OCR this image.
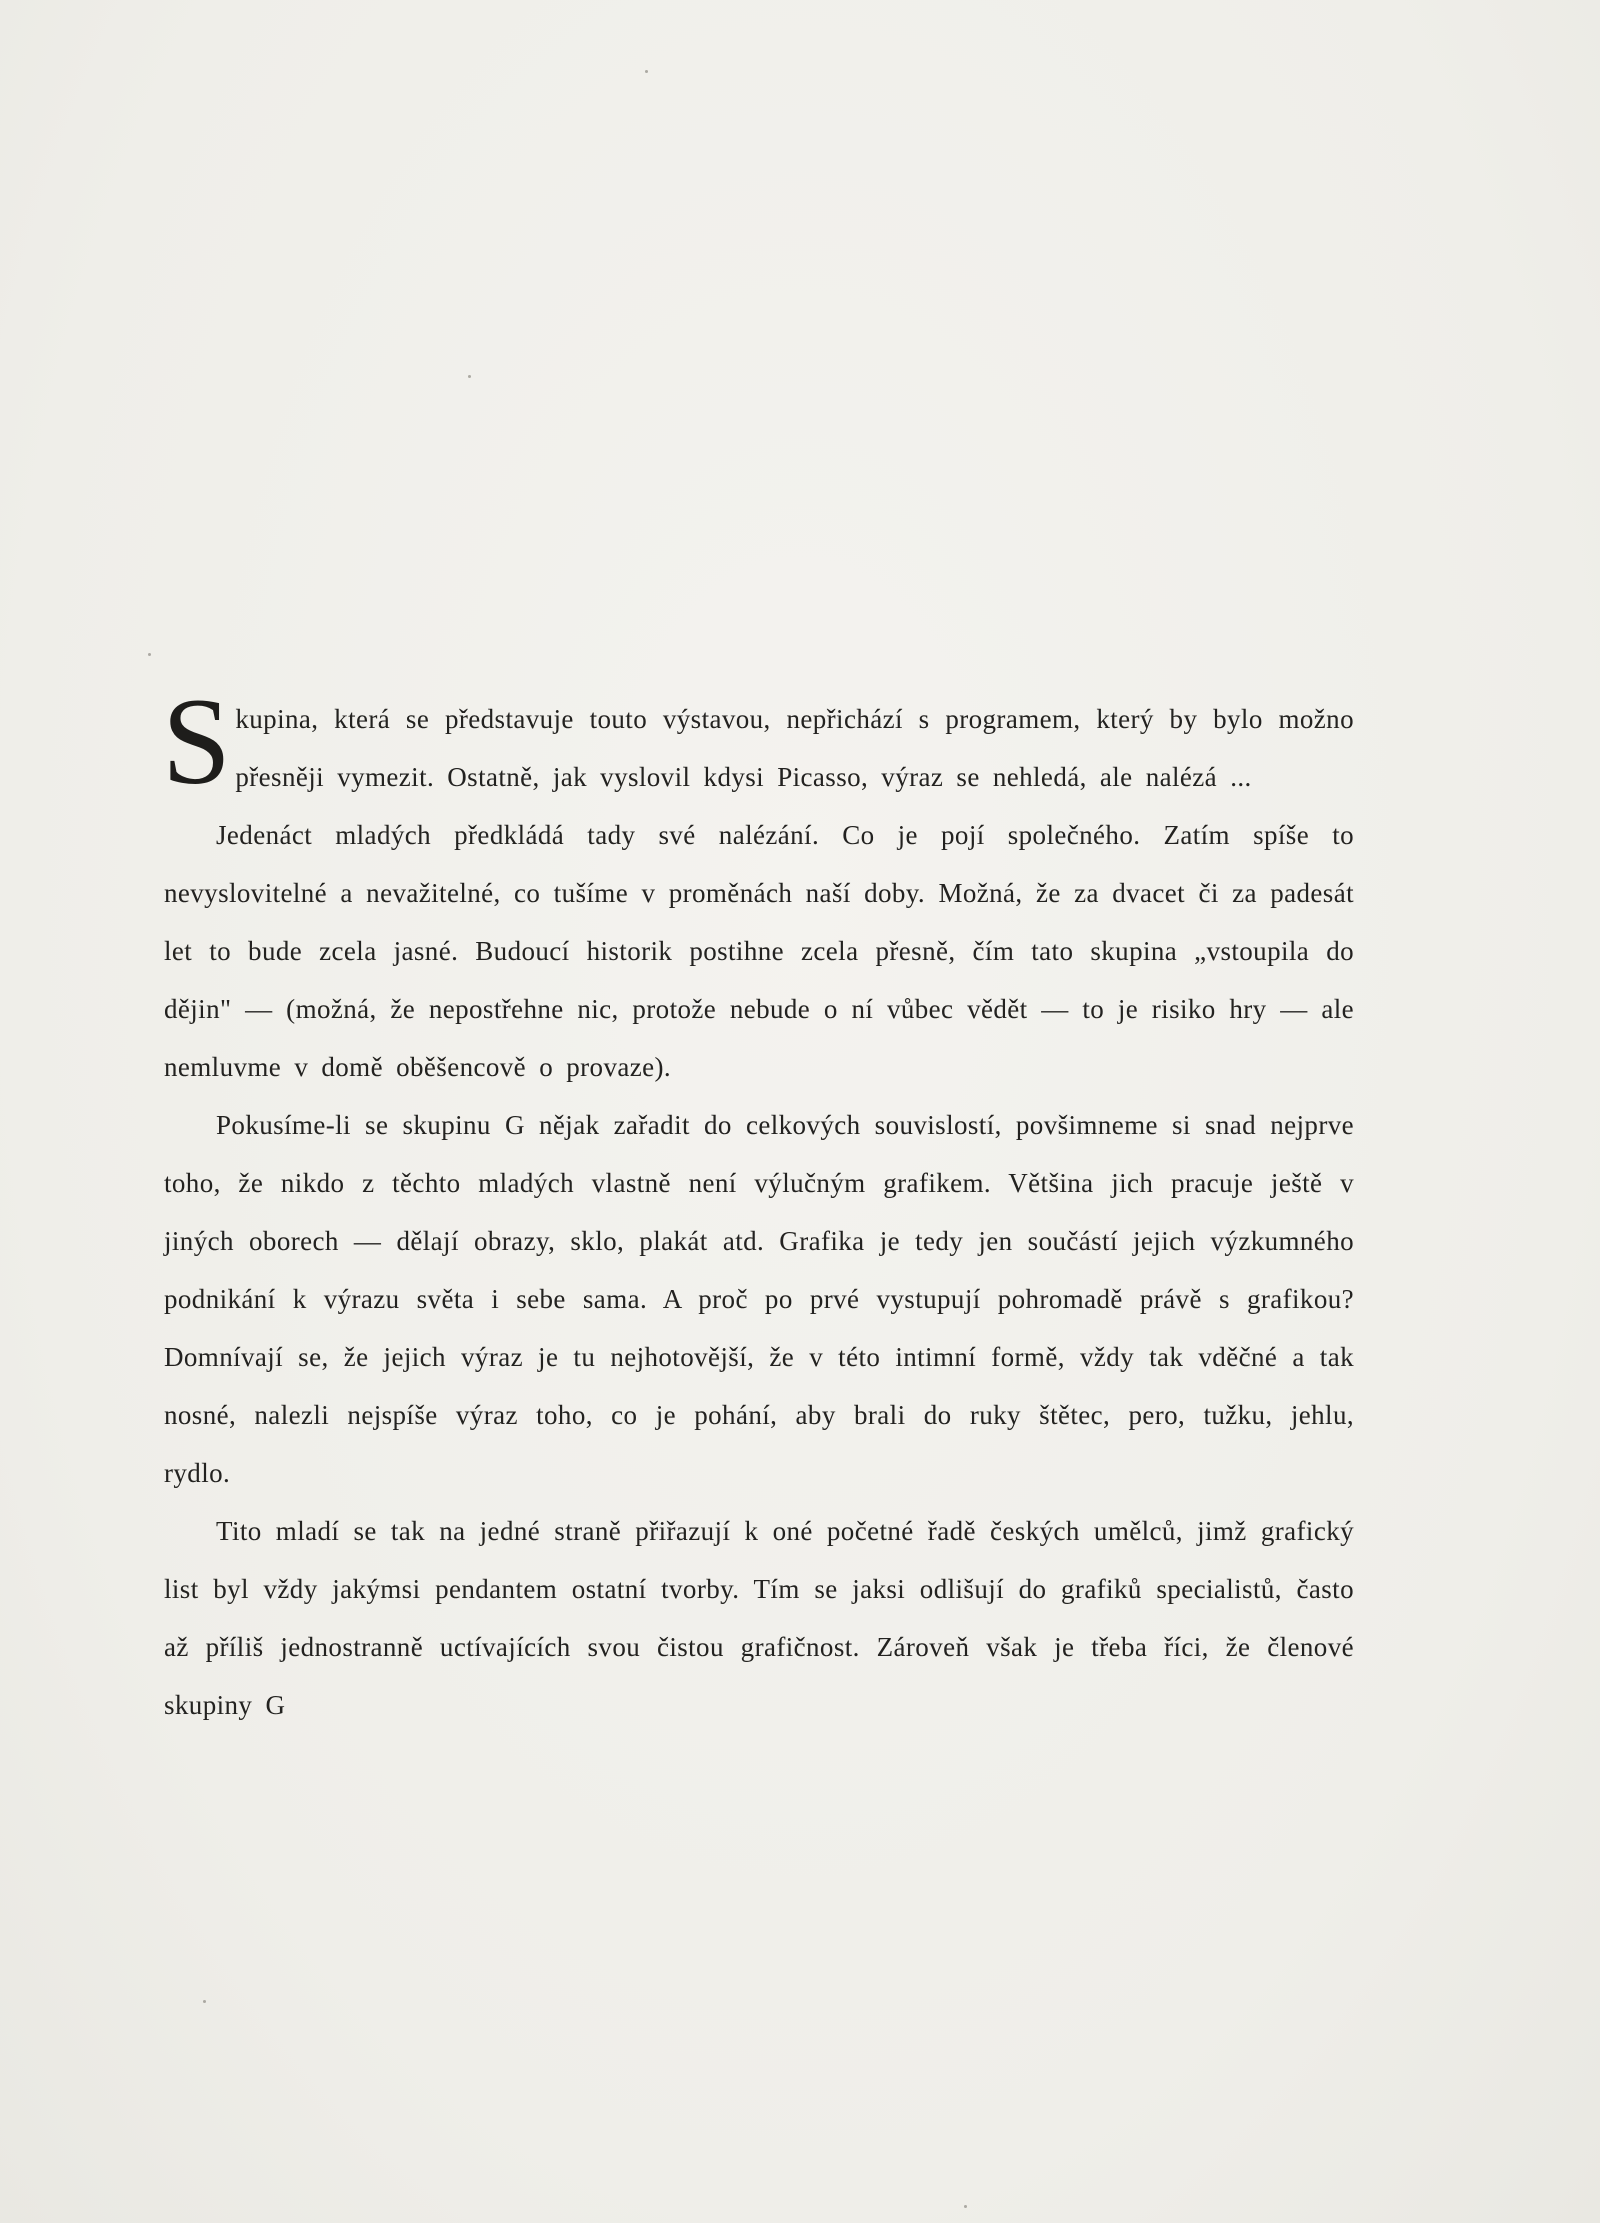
S kupina, která se představuje touto výstavou, nepřichází s programem, který by bylo možno přesněji vymezit. Ostatně, jak vyslovil kdysi Picasso, výraz se nehledá, ale nalézá ...

Jedenáct mladých předkládá tady své nalézání. Co je pojí společného. Zatím spíše to nevyslovitelné a nevažitelné, co tušíme v proměnách naší doby. Možná, že za dvacet či za padesát let to bude zcela jasné. Budoucí historik postihne zcela přesně, čím tato skupina „vstoupila do dějin" — (možná, že nepostřehne nic, protože nebude o ní vůbec vědět — to je risiko hry — ale nemluvme v domě oběšencově o provaze).

Pokusíme-li se skupinu G nějak zařadit do celkových souvislostí, povšimneme si snad nejprve toho, že nikdo z těchto mladých vlastně není výlučným grafikem. Většina jich pracuje ještě v jiných oborech — dělají obrazy, sklo, plakát atd. Grafika je tedy jen součástí jejich výzkumného podnikání k výrazu světa i sebe sama. A proč po prvé vystupují pohromadě právě s grafikou? Domnívají se, že jejich výraz je tu nejhotovější, že v této intimní formě, vždy tak vděčné a tak nosné, nalezli nejspíše výraz toho, co je pohání, aby brali do ruky štětec, pero, tužku, jehlu, rydlo.

Tito mladí se tak na jedné straně přiřazují k oné početné řadě českých umělců, jimž grafický list byl vždy jakýmsi pendantem ostatní tvorby. Tím se jaksi odlišují do grafiků specialistů, často až příliš jednostranně uctívajících svou čistou grafičnost. Zároveň však je třeba říci, že členové skupiny G
